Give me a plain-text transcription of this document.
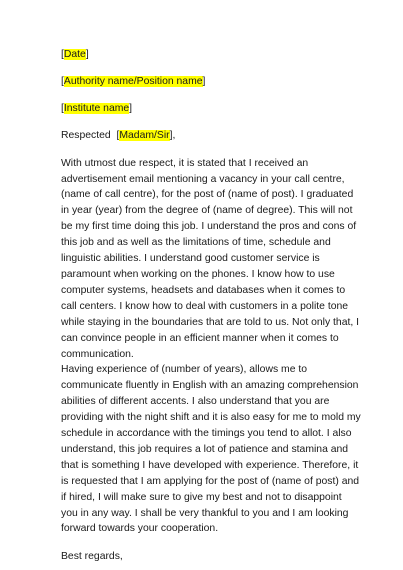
[Date]
[Authority name/Position name]
[Institute name]
Respected  [Madam/Sir],

With utmost due respect, it is stated that I received an advertisement email mentioning a vacancy in your call centre, (name of call centre), for the post of (name of post). I graduated in year (year) from the degree of (name of degree). This will not be my first time doing this job. I understand the pros and cons of this job and as well as the limitations of time, schedule and linguistic abilities. I understand good customer service is paramount when working on the phones. I know how to use computer systems, headsets and databases when it comes to call centers. I know how to deal with customers in a polite tone while staying in the boundaries that are told to us. Not only that, I can convince people in an efficient manner when it comes to communication.

Having experience of (number of years), allows me to communicate fluently in English with an amazing comprehension abilities of different accents. I also understand that you are providing with the night shift and it is also easy for me to mold my schedule in accordance with the timings you tend to allot. I also understand, this job requires a lot of patience and stamina and that is something I have developed with experience. Therefore, it is requested that I am applying for the post of (name of post) and if hired, I will make sure to give my best and not to disappoint you in any way. I shall be very thankful to you and I am looking forward towards your cooperation.

Best regards,
